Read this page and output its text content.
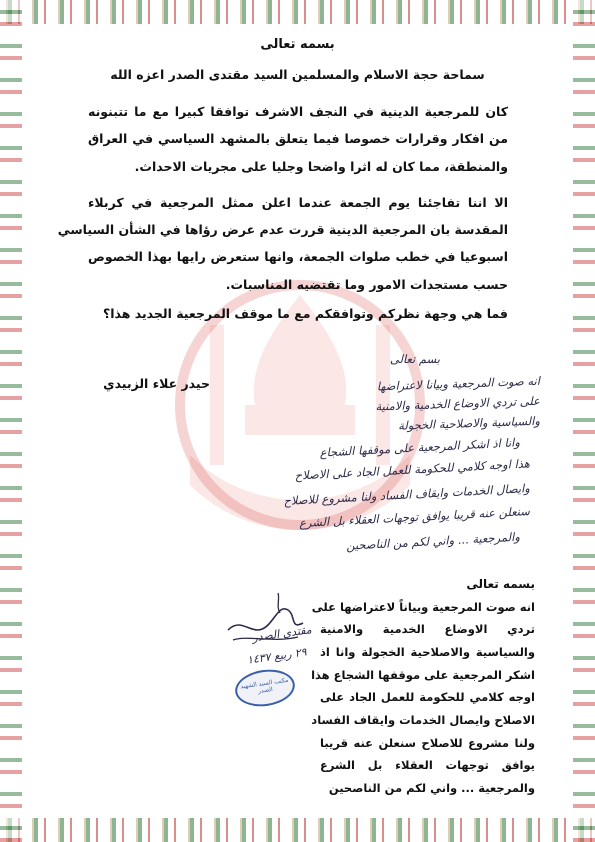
بسمه تعالى
سماحة حجة الاسلام والمسلمين السيد مقتدى الصدر اعزه الله
كان للمرجعية الدينية في النجف الاشرف توافقا كبيرا مع ما تتبنونه
من افكار وقرارات خصوصا فيما يتعلق بالمشهد السياسي في العراق
والمنطقة، مما كان له اثرا واضحا وجليا على مجريات الاحداث.
الا اننا تفاجئنا يوم الجمعة عندما اعلن ممثل المرجعية في كربلاء
المقدسة بان المرجعية الدينية قررت عدم عرض رؤاها في الشأن السياسي
اسبوعيا في خطب صلوات الجمعة، وانها ستعرض رايها بهذا الخصوص
حسب مستجدات الامور وما تقتضيه المناسبات.
فما هي وجهة نظركم وتوافقكم مع ما موقف المرجعية الجديد هذا؟
حيدر علاء الزبيدي
بسم تعالى
انه صوت المرجعية وبيانا لاعتراضها
على تردي الاوضاع الخدمية والامنية
والسياسية والاصلاحية الخجولة
وانا اذ اشكر المرجعية على موقفها الشجاع
هذا اوجه كلامي للحكومة للعمل الجاد على الاصلاح
وايصال الخدمات وايقاف الفساد ولنا مشروع للاصلاح
سنعلن عنه قريبا يوافق توجهات العقلاء بل الشرع
والمرجعية ... واني لكم من الناصحين
مقتدى الصدر
٢٩ ربيع ١٤٣٧
مكتب السيد الشهيد الصدر
بسمه تعالى
انه صوت المرجعية وبياناً لاعتراضها على
تردي الاوضاع الخدمية والامنية
والسياسية والاصلاحية الخجولة وانا اذ
اشكر المرجعية على موقفها الشجاع هذا
اوجه كلامي للحكومة للعمل الجاد على
الاصلاح وايصال الخدمات وايقاف الفساد
ولنا مشروع للاصلاح سنعلن عنه قريبا
يوافق توجهات العقلاء بل الشرع
والمرجعية ... واني لكم من الناصحين
